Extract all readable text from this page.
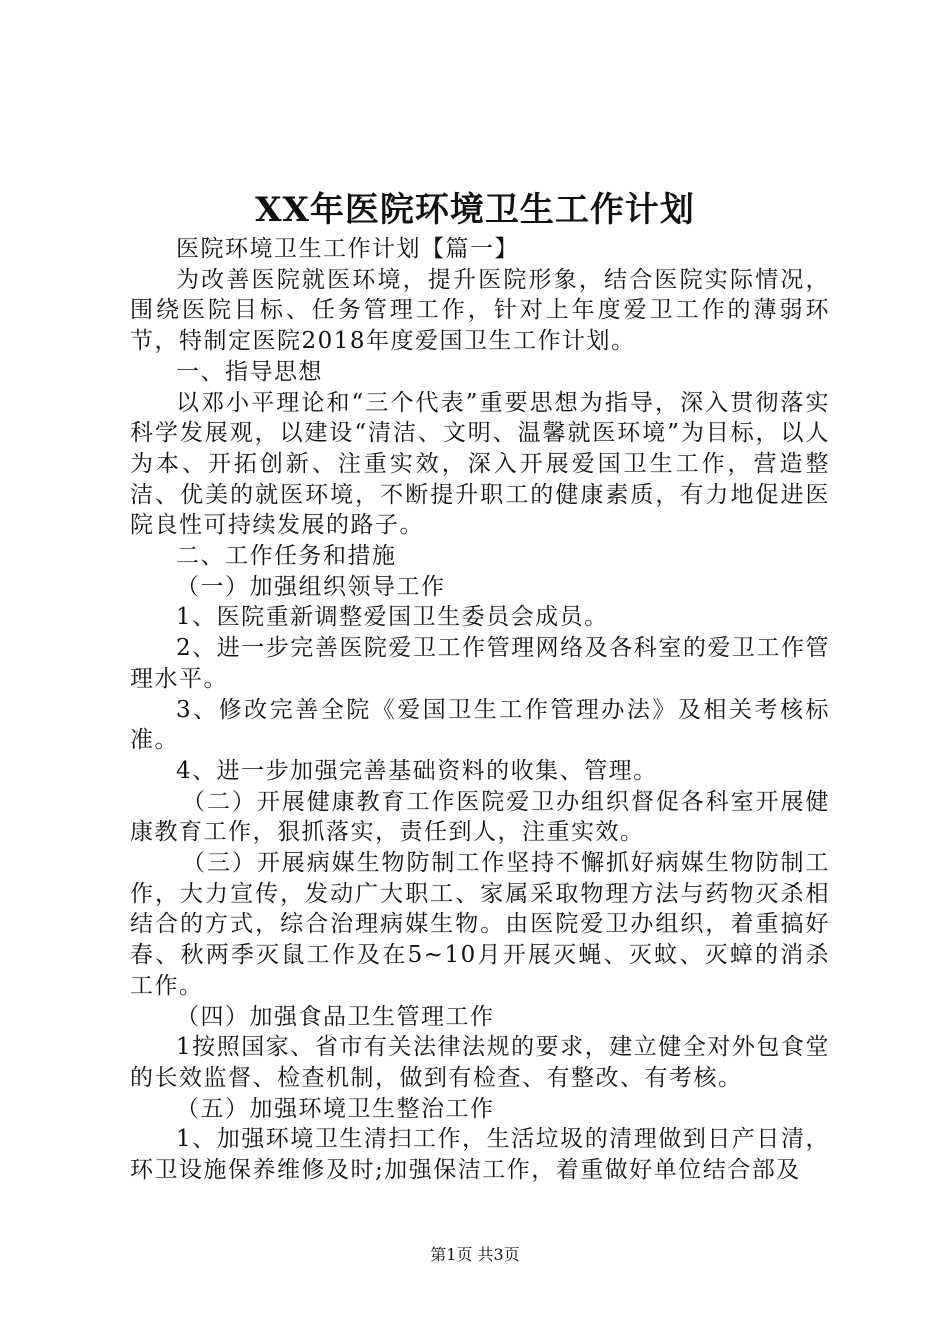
XX年医院环境卫生工作计划

医院环境卫生工作计划【篇一】

为改善医院就医环境，提升医院形象，结合医院实际情况，围绕医院目标、任务管理工作，针对上年度爱卫工作的薄弱环节，特制定医院2018年度爱国卫生工作计划。

一、指导思想

以邓小平理论和“三个代表”重要思想为指导，深入贯彻落实科学发展观，以建设“清洁、文明、温馨就医环境”为目标，以人为本、开拓创新、注重实效，深入开展爱国卫生工作，营造整洁、优美的就医环境，不断提升职工的健康素质，有力地促进医院良性可持续发展的路子。

二、工作任务和措施

（一）加强组织领导工作

1、医院重新调整爱国卫生委员会成员。

2、进一步完善医院爱卫工作管理网络及各科室的爱卫工作管理水平。

3、修改完善全院《爱国卫生工作管理办法》及相关考核标准。

4、进一步加强完善基础资料的收集、管理。

（二）开展健康教育工作医院爱卫办组织督促各科室开展健康教育工作，狠抓落实，责任到人，注重实效。

（三）开展病媒生物防制工作坚持不懈抓好病媒生物防制工作，大力宣传，发动广大职工、家属采取物理方法与药物灭杀相结合的方式，综合治理病媒生物。由医院爱卫办组织，着重搞好春、秋两季灭鼠工作及在5~10月开展灭蝇、灭蚊、灭蟑的消杀工作。

（四）加强食品卫生管理工作

1按照国家、省市有关法律法规的要求，建立健全对外包食堂的长效监督、检查机制，做到有检查、有整改、有考核。

（五）加强环境卫生整治工作

1、加强环境卫生清扫工作，生活垃圾的清理做到日产日清，环卫设施保养维修及时;加强保洁工作，着重做好单位结合部及

第1页 共3页
